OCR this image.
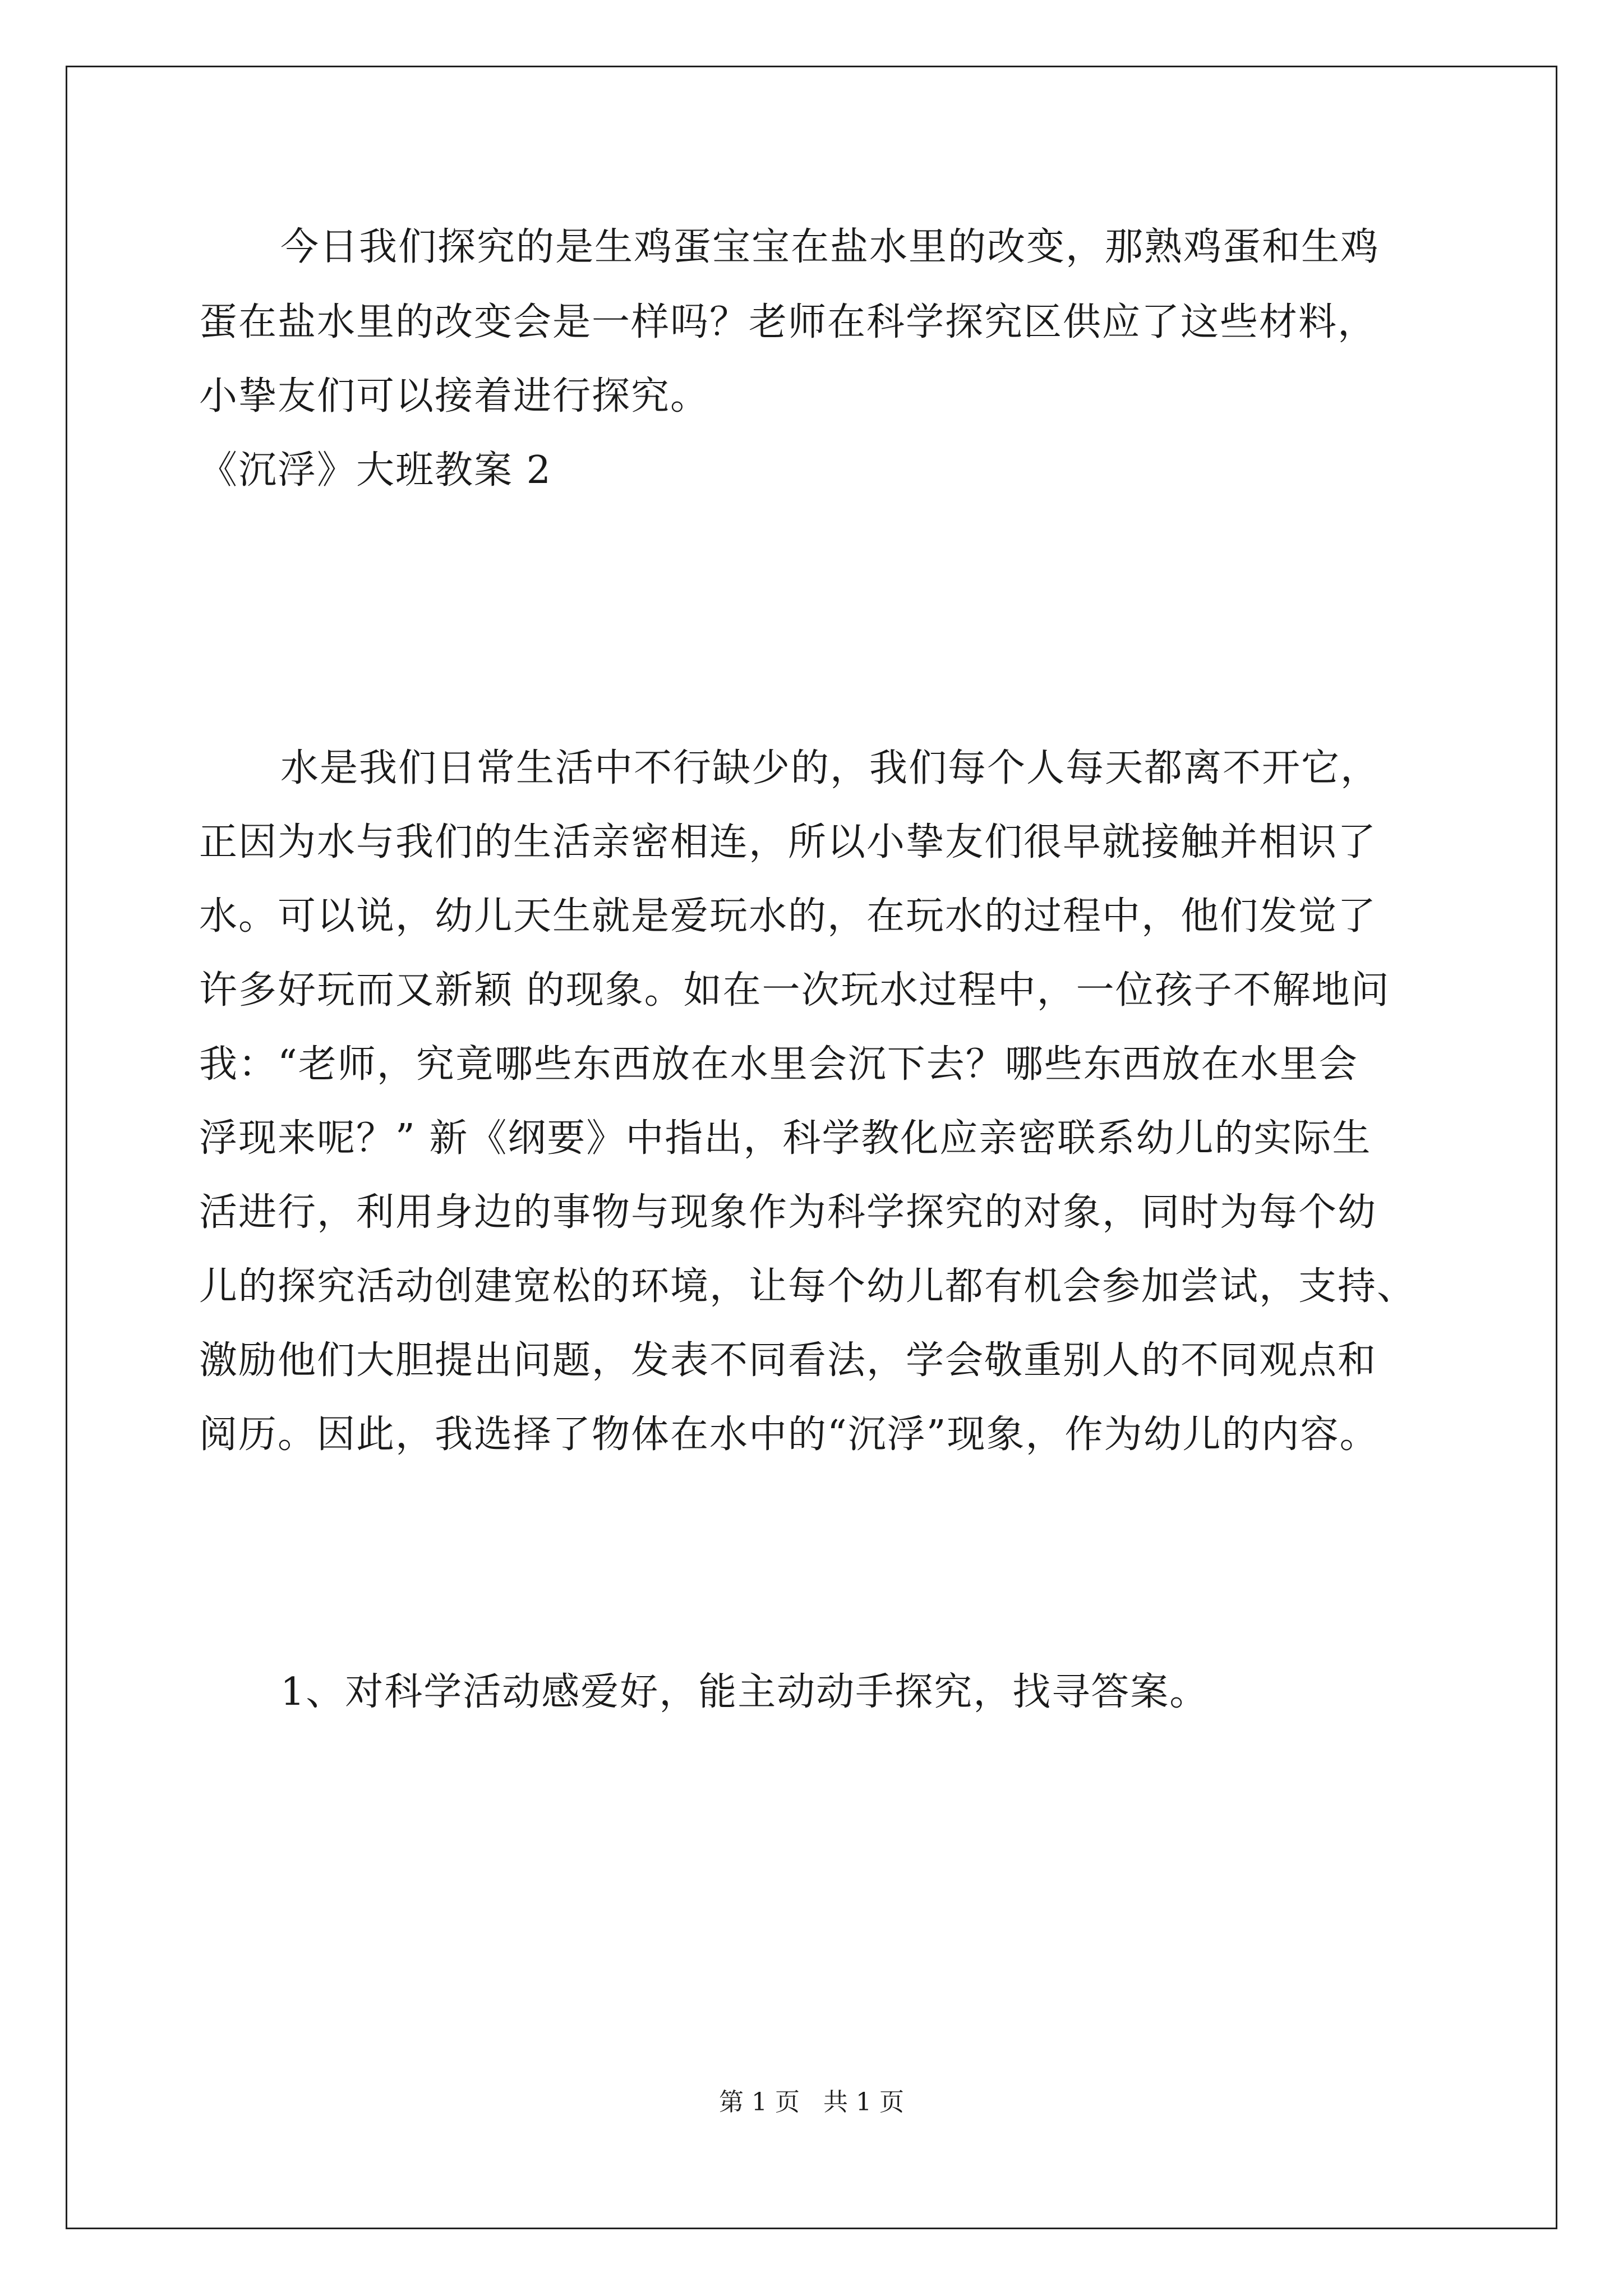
今日我们探究的是生鸡蛋宝宝在盐水里的改变，那熟鸡蛋和生鸡
蛋在盐水里的改变会是一样吗？老师在科学探究区供应了这些材料，
小挚友们可以接着进行探究。
《沉浮》大班教案 2
水是我们日常生活中不行缺少的，我们每个人每天都离不开它，
正因为水与我们的生活亲密相连，所以小挚友们很早就接触并相识了
水。可以说，幼儿天生就是爱玩水的，在玩水的过程中，他们发觉了
许多好玩而又新颖 的现象。如在一次玩水过程中，一位孩子不解地问
我：“老师，究竟哪些东西放在水里会沉下去？哪些东西放在水里会
浮现来呢？” 新《纲要》中指出，科学教化应亲密联系幼儿的实际生
活进行，利用身边的事物与现象作为科学探究的对象，同时为每个幼
儿的探究活动创建宽松的环境，让每个幼儿都有机会参加尝试，支持、
激励他们大胆提出问题，发表不同看法，学会敬重别人的不同观点和
阅历。因此，我选择了物体在水中的“沉浮”现象，作为幼儿的内容。
1、对科学活动感爱好，能主动动手探究，找寻答案。
第 1 页   共 1 页
